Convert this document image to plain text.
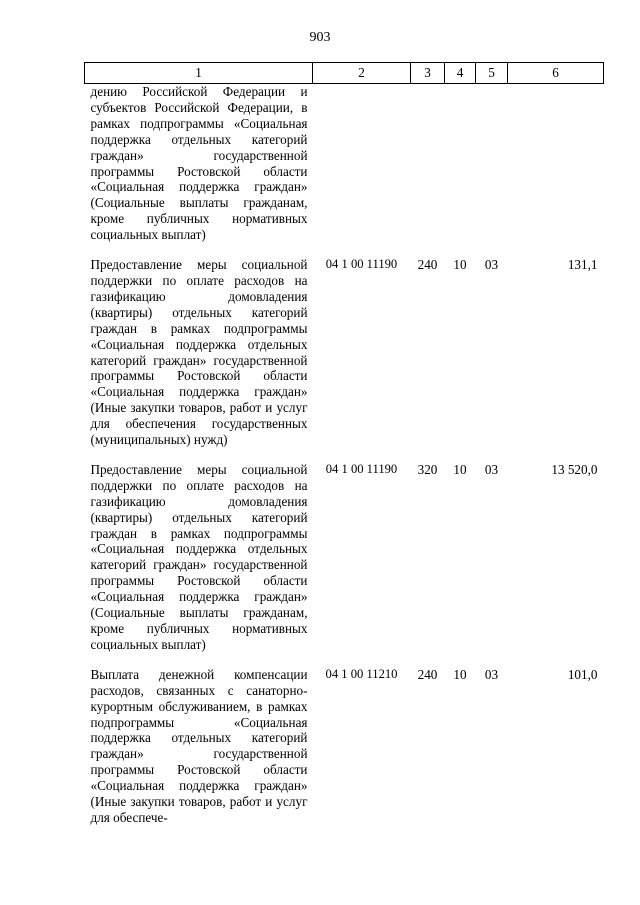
903
1	2	3	4	5	6
дению Российской Федерации и субъектов Российской Федерации, в рамках подпрограммы «Социальная поддержка отдельных категорий граждан» государственной программы Ростовской области «Социальная поддержка граждан» (Социальные выплаты гражданам, кроме публичных нормативных социальных выплат)					

Предоставление меры социальной поддержки по оплате расходов на газификацию домовладения (квартиры) отдельных категорий граждан в рамках подпрограммы «Социальная поддержка отдельных категорий граждан» государственной программы Ростовской области «Социальная поддержка граждан» (Иные закупки товаров, работ и услуг для обеспечения государственных (муниципальных) нужд)	04 1 00 11190	240	10	03	131,1

Предоставление меры социальной поддержки по оплате расходов на газификацию домовладения (квартиры) отдельных категорий граждан в рамках подпрограммы «Социальная поддержка отдельных категорий граждан» государственной программы Ростовской области «Социальная поддержка граждан» (Социальные выплаты гражданам, кроме публичных нормативных социальных выплат)	04 1 00 11190	320	10	03	13 520,0

Выплата денежной компенсации расходов, связанных с санаторно-курортным обслуживанием, в рамках подпрограммы «Социальная поддержка отдельных категорий граждан» государственной программы Ростовской области «Социальная поддержка граждан» (Иные закупки товаров, работ и услуг для обеспече-	04 1 00 11210	240	10	03	101,0
